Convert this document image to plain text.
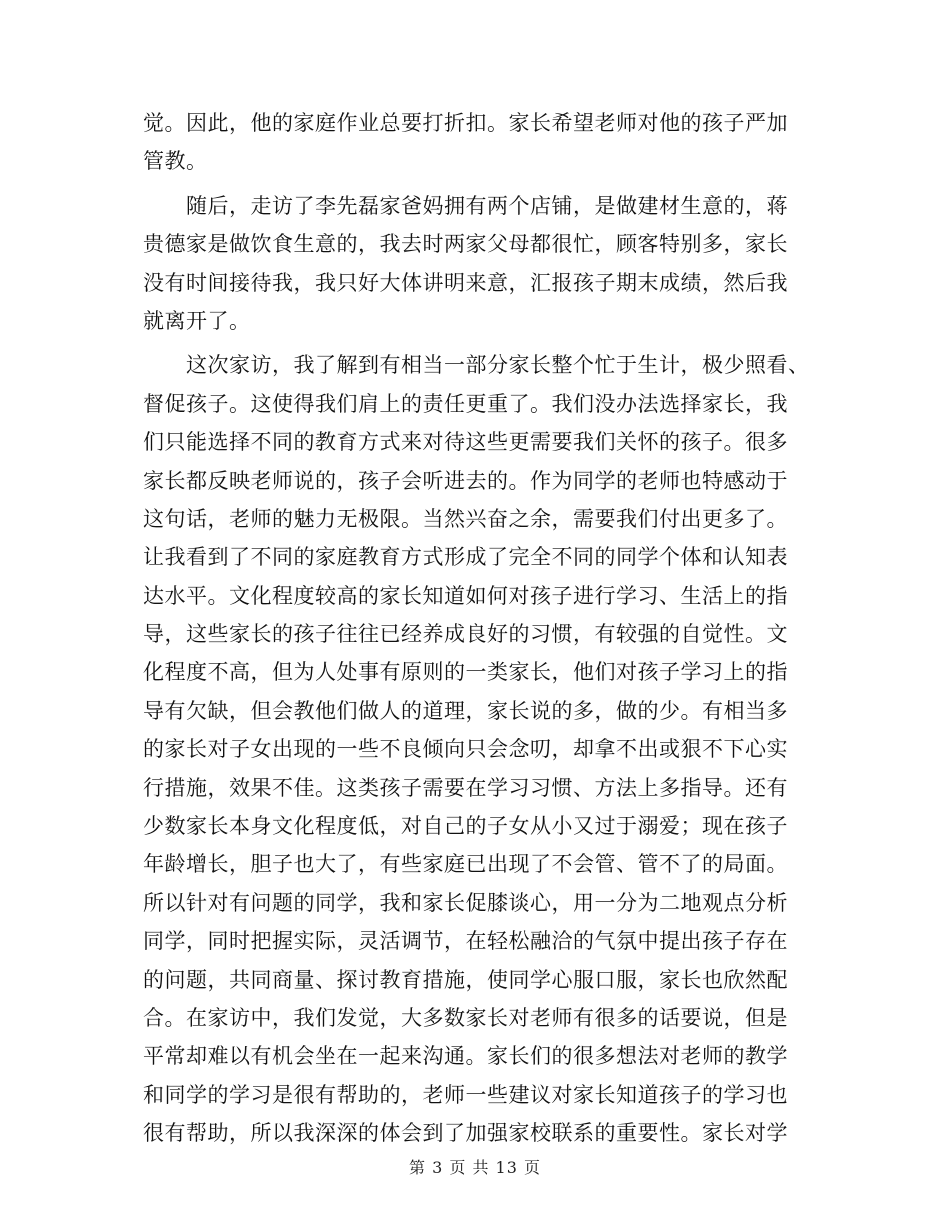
觉。因此，他的家庭作业总要打折扣。家长希望老师对他的孩子严加
管教。
　　随后，走访了李先磊家爸妈拥有两个店铺，是做建材生意的，蒋
贵德家是做饮食生意的，我去时两家父母都很忙，顾客特别多，家长
没有时间接待我，我只好大体讲明来意，汇报孩子期末成绩，然后我
就离开了。
　　这次家访，我了解到有相当一部分家长整个忙于生计，极少照看、
督促孩子。这使得我们肩上的责任更重了。我们没办法选择家长，我
们只能选择不同的教育方式来对待这些更需要我们关怀的孩子。很多
家长都反映老师说的，孩子会听进去的。作为同学的老师也特感动于
这句话，老师的魅力无极限。当然兴奋之余，需要我们付出更多了。
让我看到了不同的家庭教育方式形成了完全不同的同学个体和认知表
达水平。文化程度较高的家长知道如何对孩子进行学习、生活上的指
导，这些家长的孩子往往已经养成良好的习惯，有较强的自觉性。文
化程度不高，但为人处事有原则的一类家长，他们对孩子学习上的指
导有欠缺，但会教他们做人的道理，家长说的多，做的少。有相当多
的家长对子女出现的一些不良倾向只会念叨，却拿不出或狠不下心实
行措施，效果不佳。这类孩子需要在学习习惯、方法上多指导。还有
少数家长本身文化程度低，对自己的子女从小又过于溺爱；现在孩子
年龄增长，胆子也大了，有些家庭已出现了不会管、管不了的局面。
所以针对有问题的同学，我和家长促膝谈心，用一分为二地观点分析
同学，同时把握实际，灵活调节，在轻松融洽的气氛中提出孩子存在
的问题，共同商量、探讨教育措施，使同学心服口服，家长也欣然配
合。在家访中，我们发觉，大多数家长对老师有很多的话要说，但是
平常却难以有机会坐在一起来沟通。家长们的很多想法对老师的教学
和同学的学习是很有帮助的，老师一些建议对家长知道孩子的学习也
很有帮助，所以我深深的体会到了加强家校联系的重要性。家长对学
第 3 页 共 13 页
